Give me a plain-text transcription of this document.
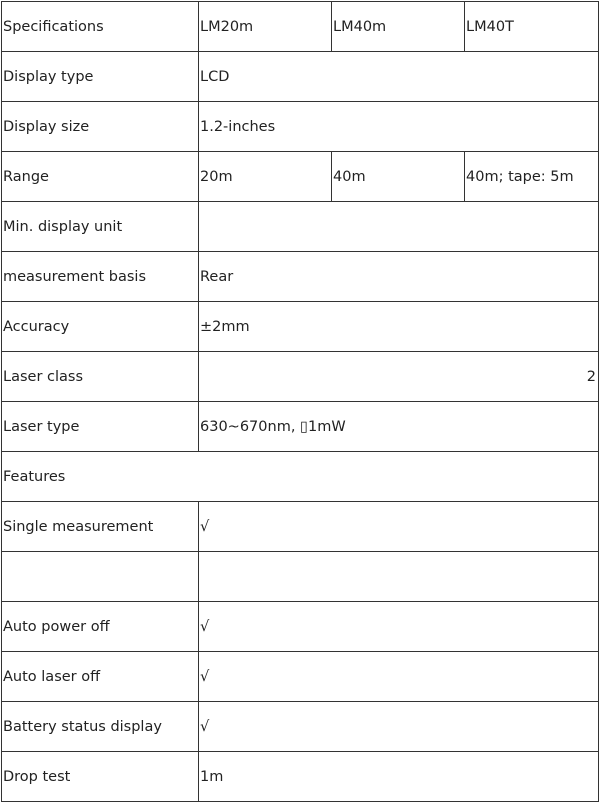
Specifications	LM20m	LM40m	LM40T
Display type	LCD		
Display size	1.2-inches		
Range	20m	40m	40m; tape: 5m
Min. display unit			
measurement basis	Rear		
Accuracy	±2mm		
Laser class	2		
Laser type	630~670nm, ▯1mW		
Features			
Single measurement	√		

Auto power off	√		
Auto laser off	√		
Battery status display	√		
Drop test	1m		
